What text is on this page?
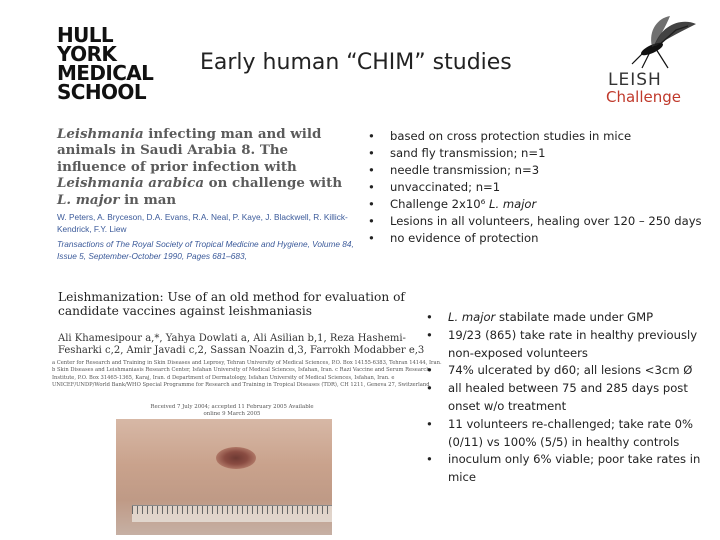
HULL
YORK
MEDICAL
SCHOOL
Early human “CHIM” studies
LEISH
Challenge
Leishmania infecting man and wild animals in Saudi Arabia 8. The influence of prior infection with Leishmania arabica on challenge with L. major in man
W. Peters, A. Bryceson, D.A. Evans, R.A. Neal, P. Kaye, J. Blackwell, R. Killick-Kendrick, F.Y. Liew
Transactions of The Royal Society of Tropical Medicine and Hygiene, Volume 84, Issue 5, September-October 1990, Pages 681–683,
• based on cross protection studies in mice
• sand fly transmission; n=1
• needle transmission; n=3
• unvaccinated; n=1
• Challenge 2x10⁶ L. major
• Lesions in all volunteers, healing over 120 – 250 days
• no evidence of protection
Leishmanization: Use of an old method for evaluation of candidate vaccines against leishmaniasis
Ali Khamesipour a,*, Yahya Dowlati a, Ali Asilian b,1, Reza Hashemi-Fesharki c,2, Amir Javadi c,2, Sassan Noazin d,3, Farrokh Modabber e,3
a Center for Research and Training in Skin Diseases and Leprosy, Tehran University of Medical Sciences, P.O. Box 14155-6383, Tehran 14144, Iran. b Skin Diseases and Leishmaniasis Research Center, Isfahan University of Medical Sciences, Isfahan, Iran. c Razi Vaccine and Serum Research Institute, P.O. Box 31465-1365, Karaj, Iran. d Department of Dermatology, Isfahan University of Medical Sciences, Isfahan, Iran. e UNICEF/UNDP/World Bank/WHO Special Programme for Research and Training in Tropical Diseases (TDR), CH 1211, Geneva 27, Switzerland
Received 7 July 2004; accepted 11 February 2005 Available online 9 March 2005
• L. major stabilate made under GMP
• 19/23 (865) take rate in healthy previously non-exposed volunteers
• 74% ulcerated by d60; all lesions <3cm Ø
• all healed between 75 and 285 days post onset w/o treatment
• 11 volunteers re-challenged; take rate 0% (0/11) vs 100% (5/5) in healthy controls
• inoculum only 6% viable; poor take rates in mice
